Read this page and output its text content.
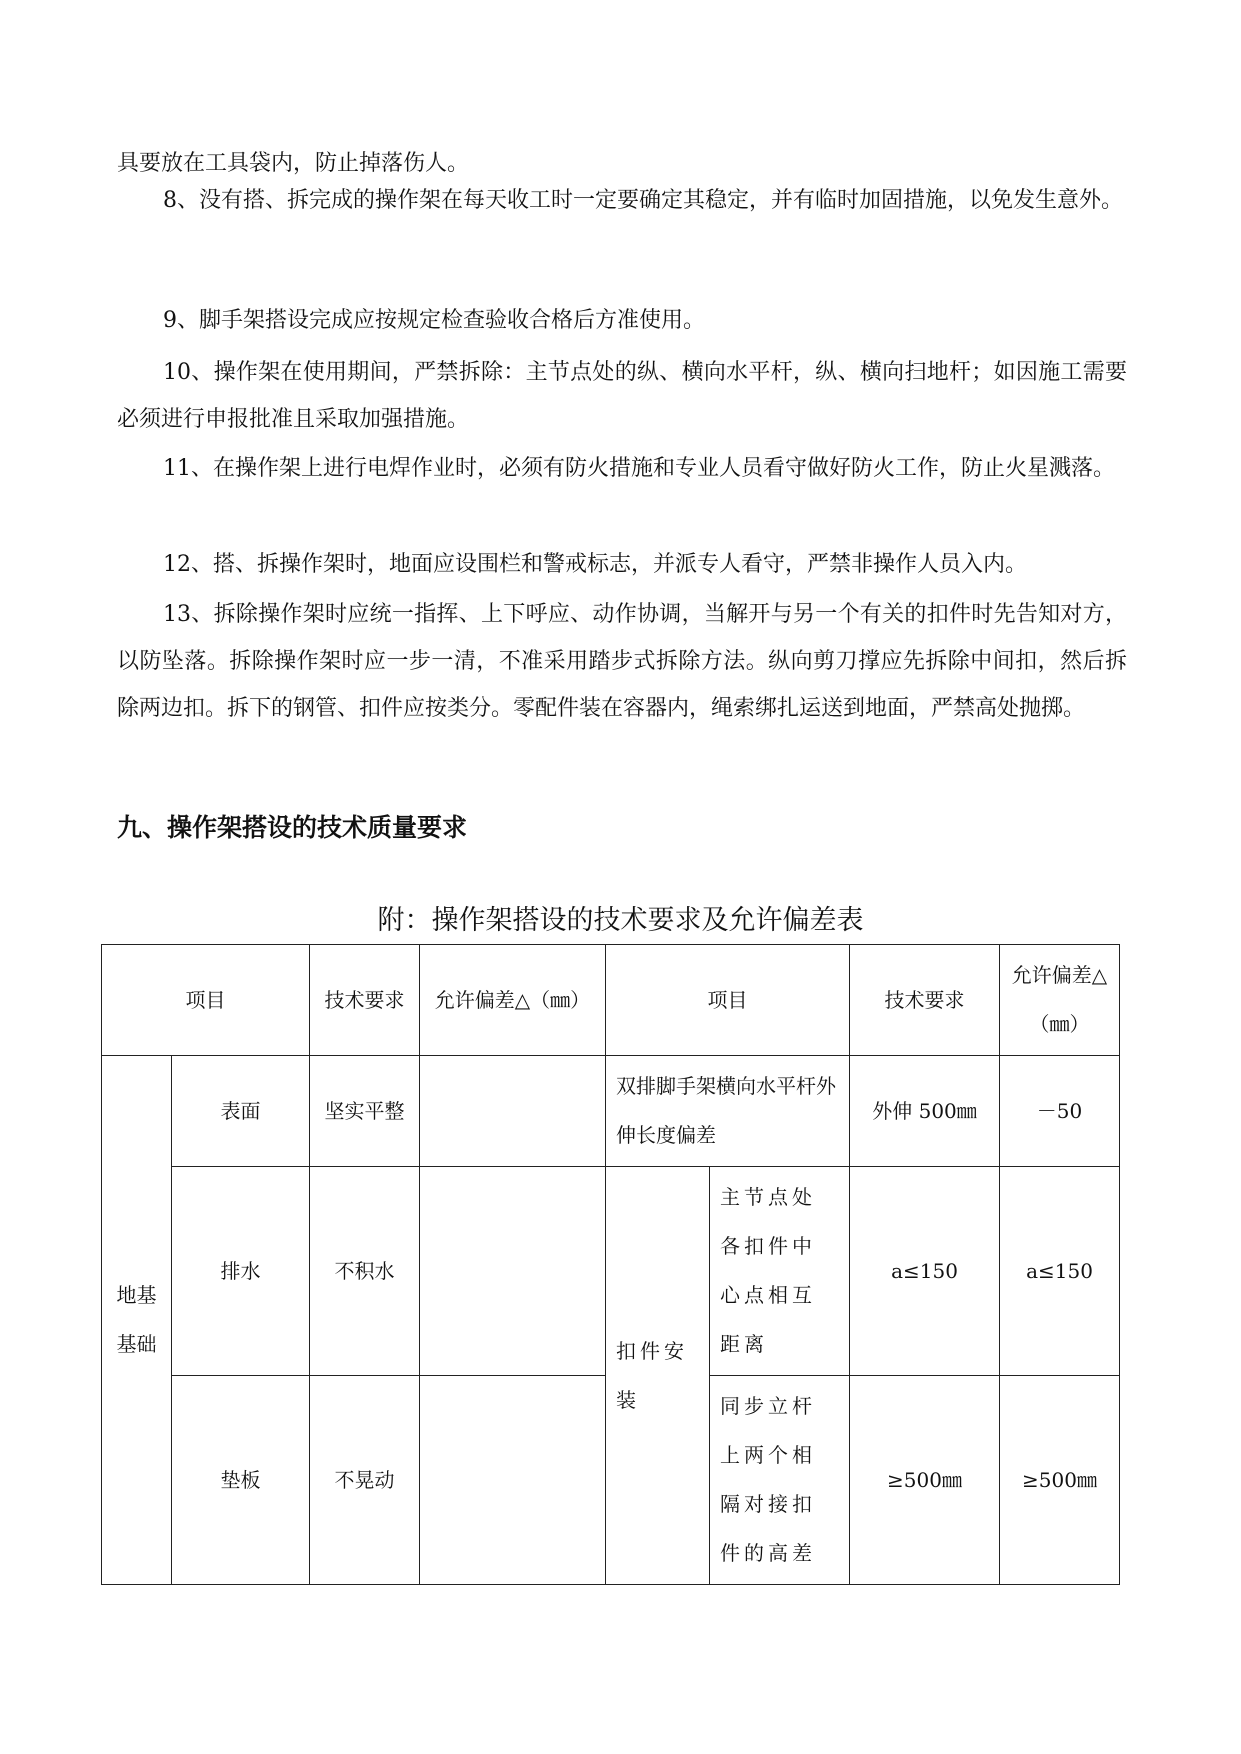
具要放在工具袋内，防止掉落伤人。
8、没有搭、拆完成的操作架在每天收工时一定要确定其稳定，并有临时加固措施，以免发生意外。
9、脚手架搭设完成应按规定检查验收合格后方准使用。
10、操作架在使用期间，严禁拆除：主节点处的纵、横向水平杆，纵、横向扫地杆；如因施工需要必须进行申报批准且采取加强措施。
11、在操作架上进行电焊作业时，必须有防火措施和专业人员看守做好防火工作，防止火星溅落。
12、搭、拆操作架时，地面应设围栏和警戒标志，并派专人看守，严禁非操作人员入内。
13、拆除操作架时应统一指挥、上下呼应、动作协调，当解开与另一个有关的扣件时先告知对方，以防坠落。拆除操作架时应一步一清，不准采用踏步式拆除方法。纵向剪刀撑应先拆除中间扣，然后拆除两边扣。拆下的钢管、扣件应按类分。零配件装在容器内，绳索绑扎运送到地面，严禁高处抛掷。
九、操作架搭设的技术质量要求
附：操作架搭设的技术要求及允许偏差表
项目		技术要求	允许偏差△（㎜）	项目		技术要求	允许偏差△（㎜）
地基基础	表面	坚实平整		双排脚手架横向水平杆外伸长度偏差		外伸 500㎜	－50
	排水	不积水		扣件安装	主节点处各扣件中心点相互距离	a≤150	a≤150
	垫板	不晃动			同步立杆上两个相隔对接扣件的高差	≥500㎜	≥500㎜
